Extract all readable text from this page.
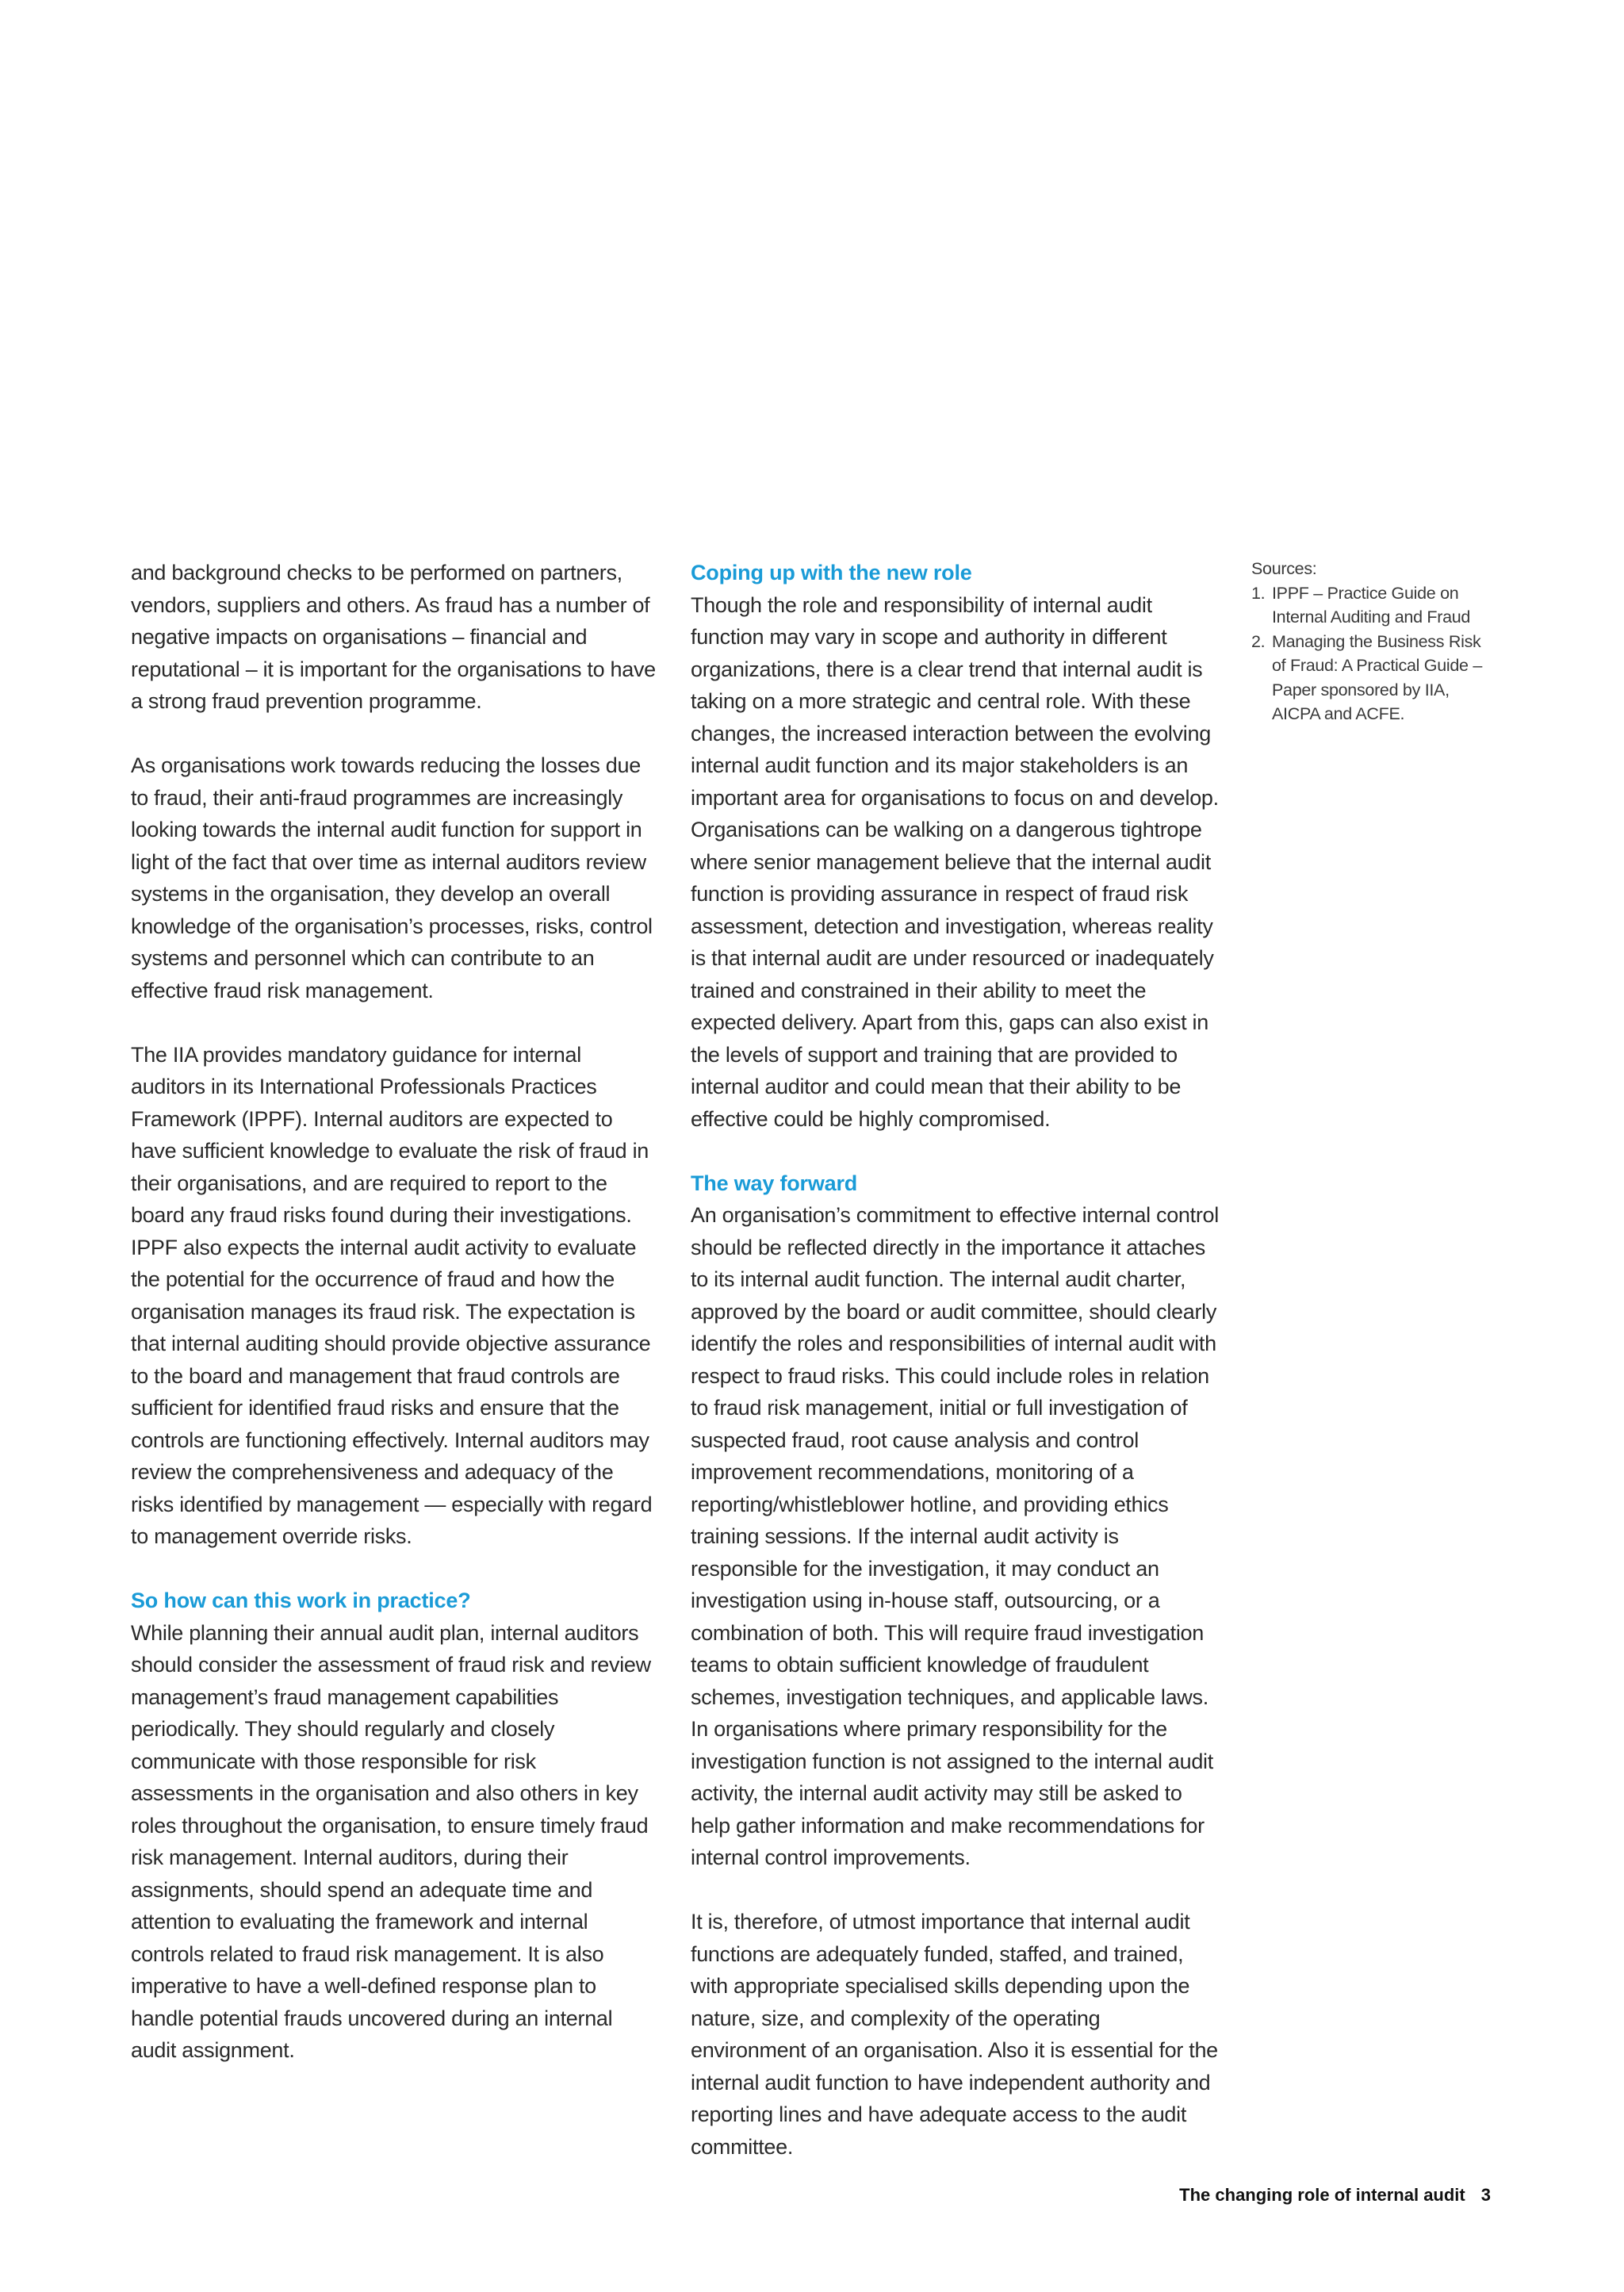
and background checks to be performed on partners, vendors, suppliers and others. As fraud has a number of negative impacts on organisations – financial and reputational – it is important for the organisations to have a strong fraud prevention programme.

As organisations work towards reducing the losses due to fraud, their anti-fraud programmes are increasingly looking towards the internal audit function for support in light of the fact that over time as internal auditors review systems in the organisation, they develop an overall knowledge of the organisation’s processes, risks, control systems and personnel which can contribute to an effective fraud risk management.

The IIA provides mandatory guidance for internal auditors in its International Professionals Practices Framework (IPPF). Internal auditors are expected to have sufficient knowledge to evaluate the risk of fraud in their organisations, and are required to report to the board any fraud risks found during their investigations. IPPF also expects the internal audit activity to evaluate the potential for the occurrence of fraud and how the organisation manages its fraud risk. The expectation is that internal auditing should provide objective assurance to the board and management that fraud controls are sufficient for identified fraud risks and ensure that the controls are functioning effectively. Internal auditors may review the comprehensiveness and adequacy of the risks identified by management — especially with regard to management override risks.

So how can this work in practice?

While planning their annual audit plan, internal auditors should consider the assessment of fraud risk and review management’s fraud management capabilities periodically. They should regularly and closely communicate with those responsible for risk assessments in the organisation and also others in key roles throughout the organisation, to ensure timely fraud risk management. Internal auditors, during their assignments, should spend an adequate time and attention to evaluating the framework and internal controls related to fraud risk management. It is also imperative to have a well-defined response plan to handle potential frauds uncovered during an internal audit assignment.

Coping up with the new role

Though the role and responsibility of internal audit function may vary in scope and authority in different organizations, there is a clear trend that internal audit is taking on a more strategic and central role. With these changes, the increased interaction between the evolving internal audit function and its major stakeholders is an important area for organisations to focus on and develop. Organisations can be walking on a dangerous tightrope where senior management believe that the internal audit function is providing assurance in respect of fraud risk assessment, detection and investigation, whereas reality is that internal audit are under resourced or inadequately trained and constrained in their ability to meet the expected delivery. Apart from this, gaps can also exist in the levels of support and training that are provided to internal auditor and could mean that their ability to be effective could be highly compromised.

The way forward

An organisation’s commitment to effective internal control should be reflected directly in the importance it attaches to its internal audit function. The internal audit charter, approved by the board or audit committee, should clearly identify the roles and responsibilities of internal audit with respect to fraud risks. This could include roles in relation to fraud risk management, initial or full investigation of suspected fraud, root cause analysis and control improvement recommendations, monitoring of a reporting/whistleblower hotline, and providing ethics training sessions. If the internal audit activity is responsible for the investigation, it may conduct an investigation using in-house staff, outsourcing, or a combination of both. This will require fraud investigation teams to obtain sufficient knowledge of fraudulent schemes, investigation techniques, and applicable laws. In organisations where primary responsibility for the investigation function is not assigned to the internal audit activity, the internal audit activity may still be asked to help gather information and make recommendations for internal control improvements.

It is, therefore, of utmost importance that internal audit functions are adequately funded, staffed, and trained, with appropriate specialised skills depending upon the nature, size, and complexity of the operating environment of an organisation. Also it is essential for the internal audit function to have independent authority and reporting lines and have adequate access to the audit committee.

Sources:
1. IPPF – Practice Guide on Internal Auditing and Fraud
2. Managing the Business Risk of Fraud: A Practical Guide – Paper sponsored by IIA, AICPA and ACFE.
The changing role of internal audit 3
